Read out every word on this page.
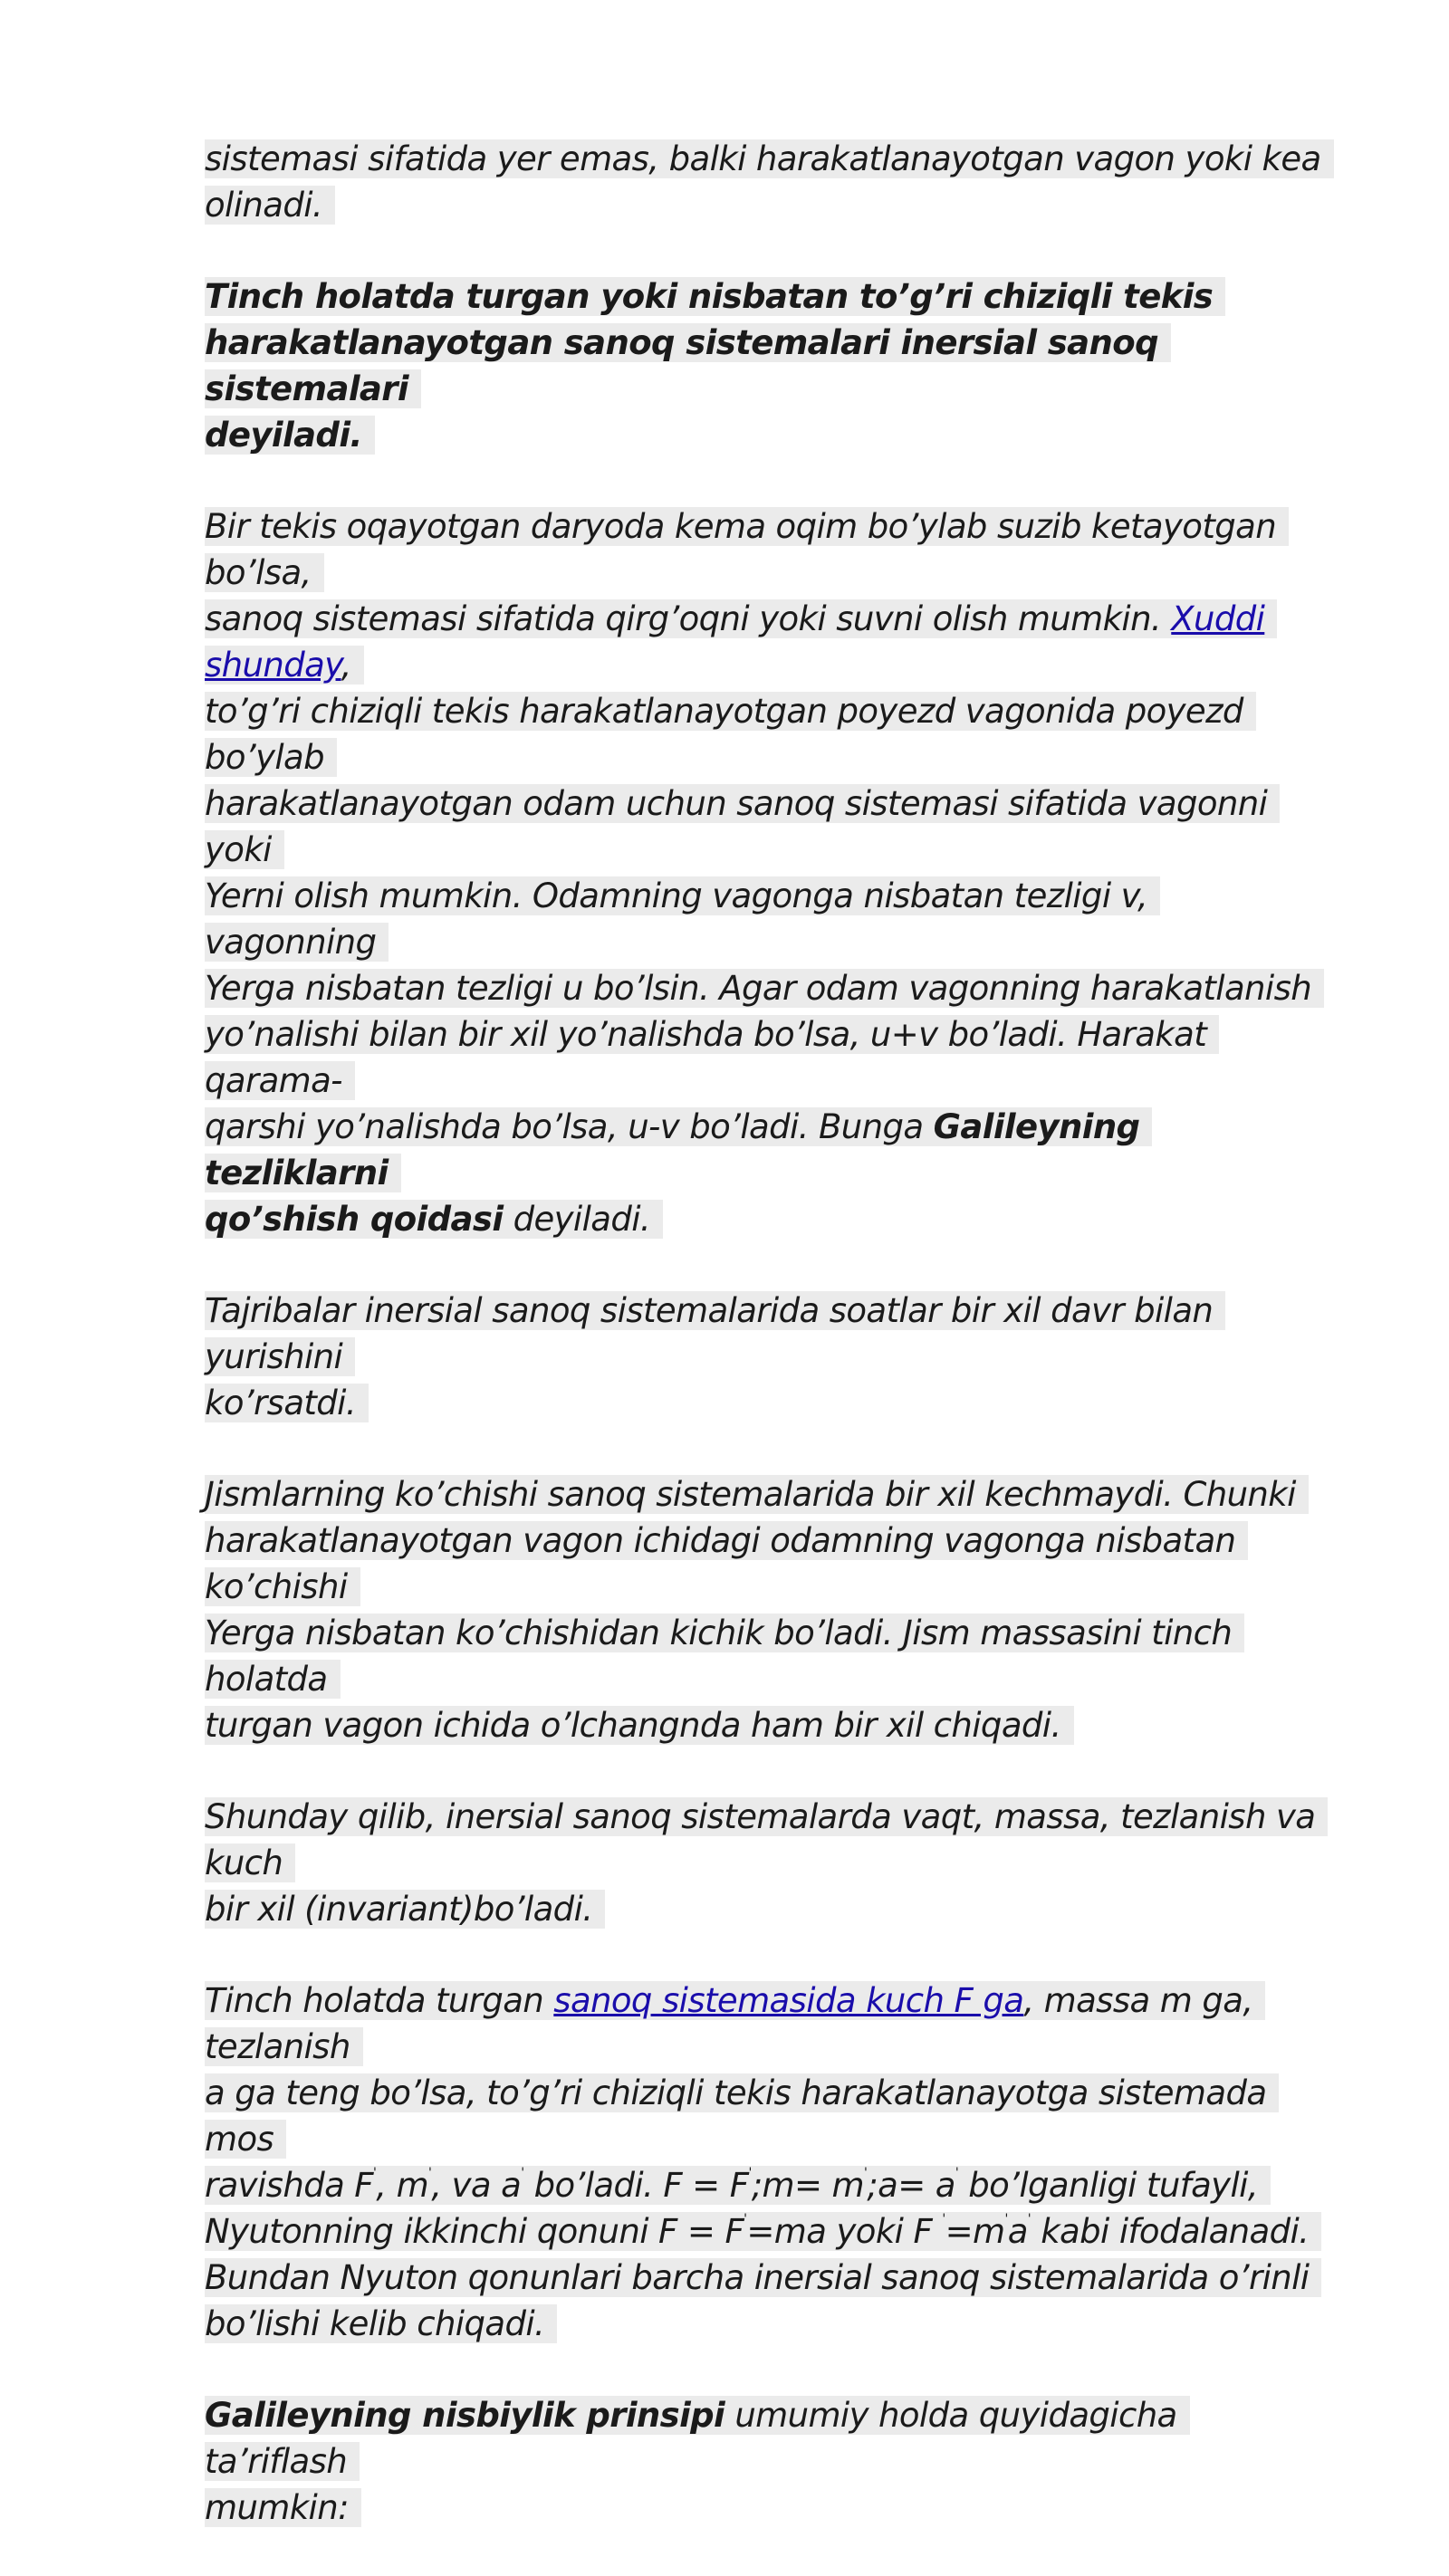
sistemasi sifatida yer emas, balki harakatlanayotgan vagon yoki kea
olinadi.

Tinch holatda turgan yoki nisbatan to’g’ri chiziqli tekis
harakatlanayotgan sanoq sistemalari inersial sanoq sistemalari
deyiladi.

Bir tekis oqayotgan daryoda kema oqim bo’ylab suzib ketayotgan bo’lsa,
sanoq sistemasi sifatida qirg’oqni yoki suvni olish mumkin. Xuddi shunday,
to’g’ri chiziqli tekis harakatlanayotgan poyezd vagonida poyezd bo’ylab
harakatlanayotgan odam uchun sanoq sistemasi sifatida vagonni yoki
Yerni olish mumkin. Odamning vagonga nisbatan tezligi v, vagonning
Yerga nisbatan tezligi u bo’lsin. Agar odam vagonning harakatlanish
yo’nalishi bilan bir xil yo’nalishda bo’lsa, u+v bo’ladi. Harakat qarama-
qarshi yo’nalishda bo’lsa, u-v bo’ladi. Bunga Galileyning tezliklarni
qo’shish qoidasi deyiladi.

Tajribalar inersial sanoq sistemalarida soatlar bir xil davr bilan yurishini
ko’rsatdi.

Jismlarning ko’chishi sanoq sistemalarida bir xil kechmaydi. Chunki
harakatlanayotgan vagon ichidagi odamning vagonga nisbatan ko’chishi
Yerga nisbatan ko’chishidan kichik bo’ladi. Jism massasini tinch holatda
turgan vagon ichida o’lchangnda ham bir xil chiqadi.

Shunday qilib, inersial sanoq sistemalarda vaqt, massa, tezlanish va kuch
bir xil (invariant)bo’ladi.

Tinch holatda turgan sanoq sistemasida kuch F ga, massa m ga, tezlanish
a ga teng bo’lsa, to’g’ri chiziqli tekis harakatlanayotga sistemada mos
ravishda F', m', va a' bo’ladi. F = F';m= m';a= a' bo’lganligi tufayli,
Nyutonning ikkinchi qonuni F = F'=ma yoki F '=m'a' kabi ifodalanadi.
Bundan Nyuton qonunlari barcha inersial sanoq sistemalarida o’rinli
bo’lishi kelib chiqadi.

Galileyning nisbiylik prinsipi umumiy holda quyidagicha ta’riflash
mumkin:
